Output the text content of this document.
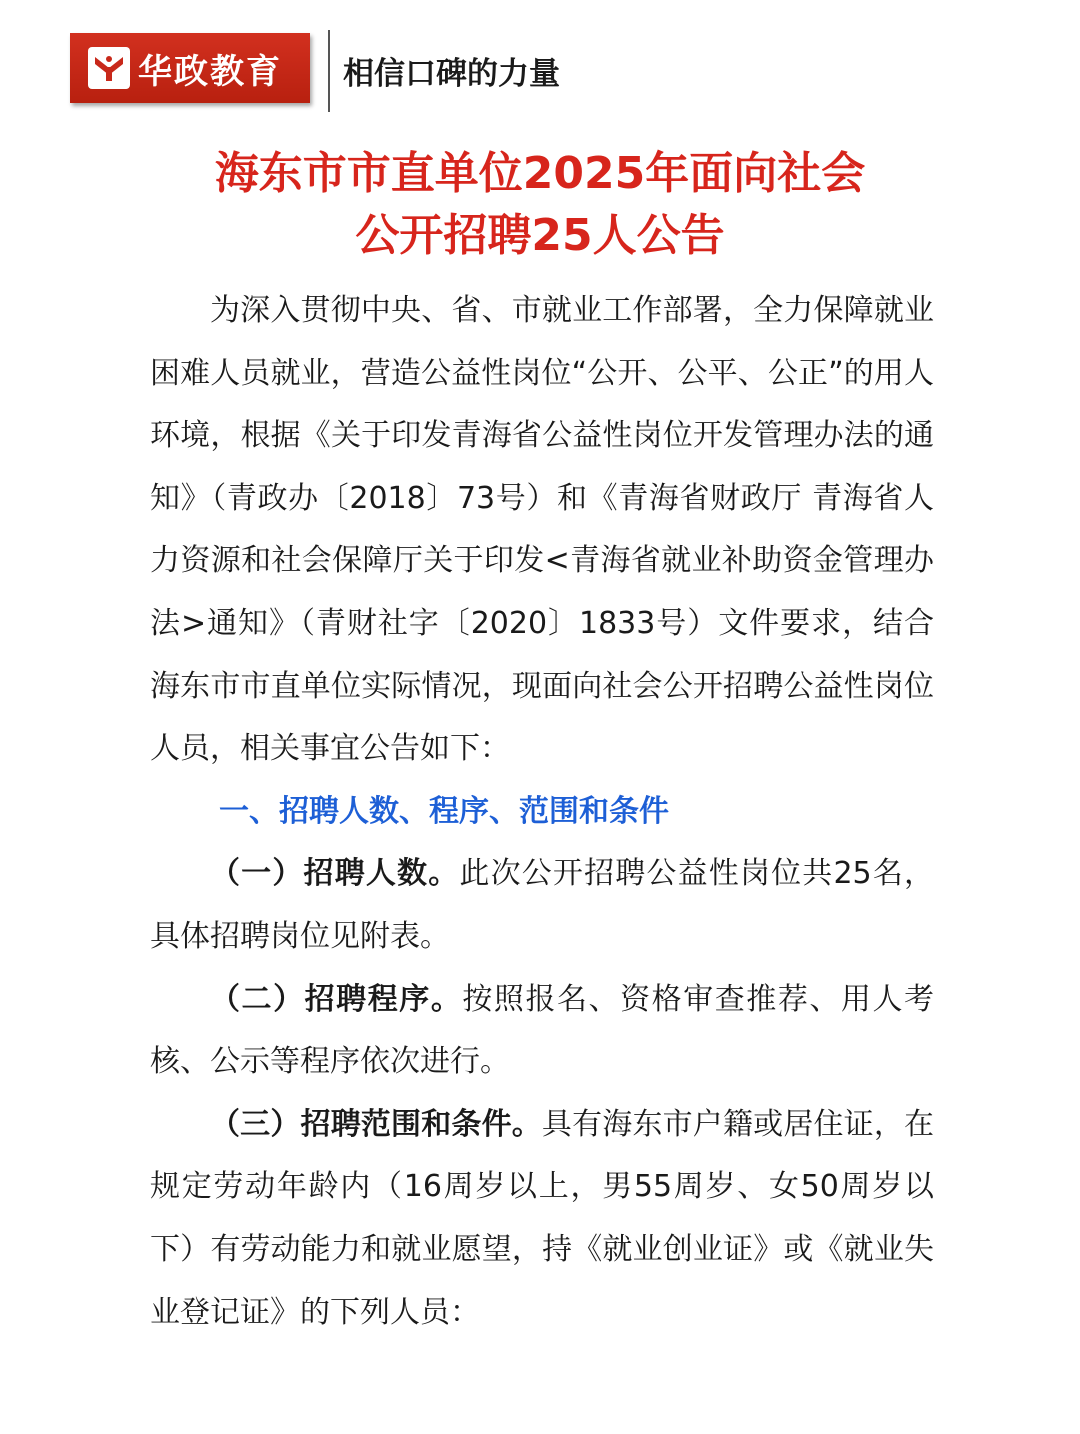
华政教育 相信口碑的力量
海东市市直单位2025年面向社会
公开招聘25人公告

为深入贯彻中央、省、市就业工作部署，全力保障就业困难人员就业，营造公益性岗位“公开、公平、公正”的用人环境，根据《关于印发青海省公益性岗位开发管理办法的通知》（青政办〔2018〕73号）和《青海省财政厅 青海省人力资源和社会保障厅关于印发<青海省就业补助资金管理办法>通知》（青财社字〔2020〕1833号）文件要求，结合海东市市直单位实际情况，现面向社会公开招聘公益性岗位人员，相关事宜公告如下：

一、招聘人数、程序、范围和条件

（一）招聘人数。此次公开招聘公益性岗位共25名，具体招聘岗位见附表。

（二）招聘程序。按照报名、资格审查推荐、用人考核、公示等程序依次进行。

（三）招聘范围和条件。具有海东市户籍或居住证，在规定劳动年龄内（16周岁以上，男55周岁、女50周岁以下）有劳动能力和就业愿望，持《就业创业证》或《就业失业登记证》的下列人员：
